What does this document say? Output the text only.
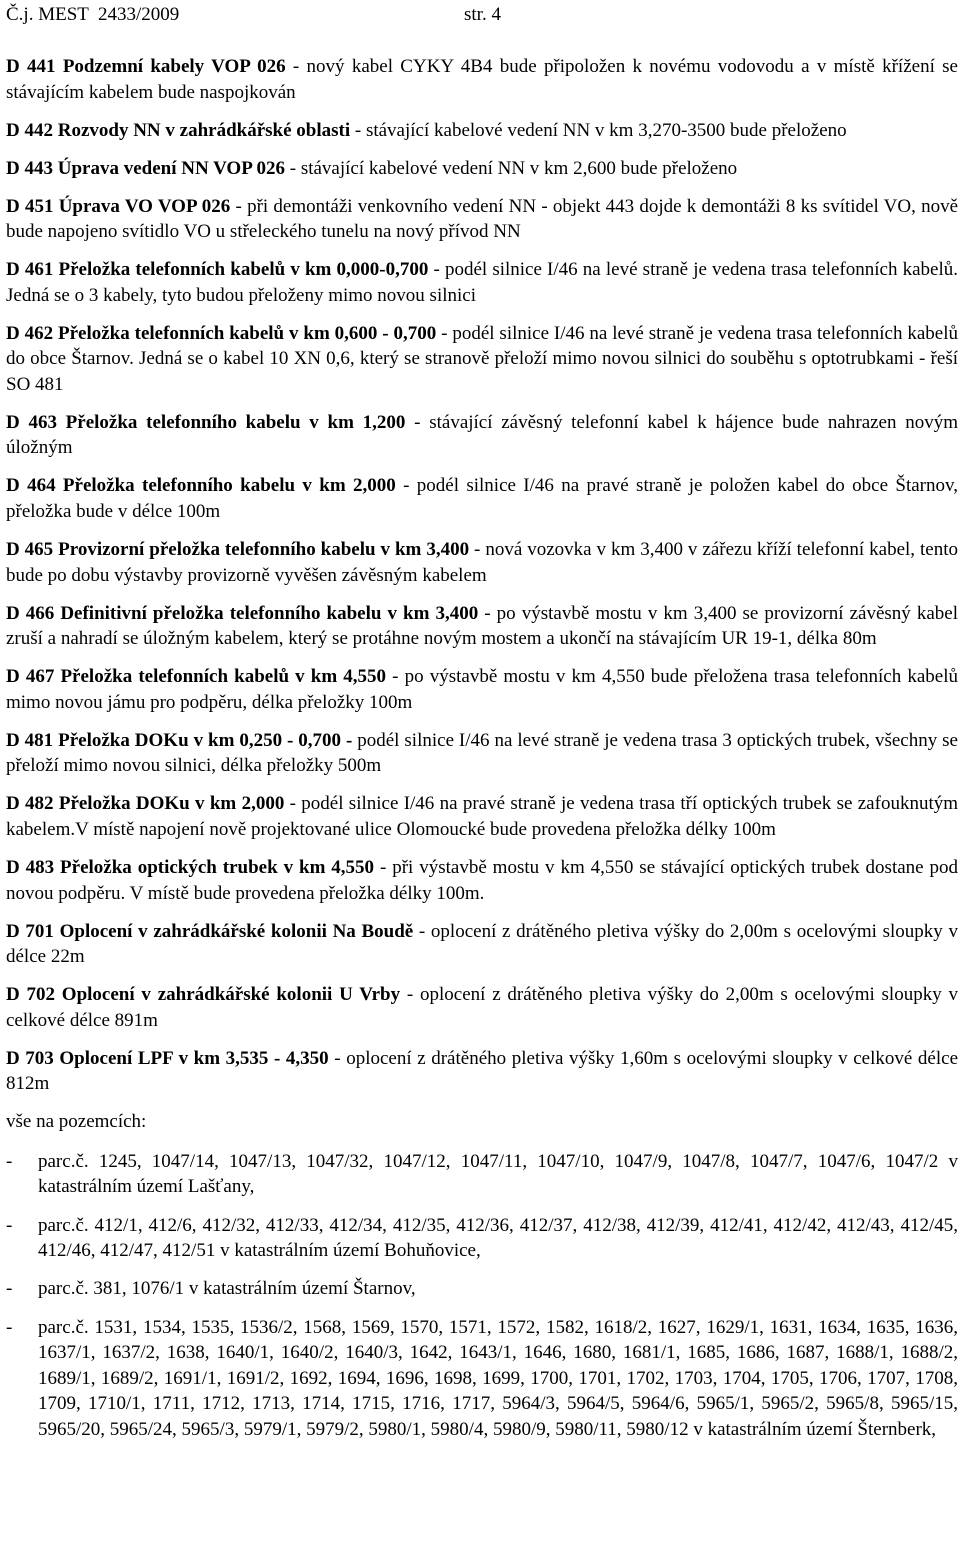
Č.j. MEST  2433/2009	str. 4

D 441 Podzemní kabely VOP 026 - nový kabel CYKY 4B4 bude připoložen k novému vodovodu a v místě křížení se stávajícím kabelem bude naspojkován

D 442 Rozvody NN v zahrádkářské oblasti - stávající kabelové vedení NN v km 3,270-3500 bude přeloženo

D 443 Úprava vedení NN VOP 026 - stávající kabelové vedení NN v km 2,600 bude přeloženo

D 451 Úprava VO VOP 026 - při demontáži venkovního vedení NN - objekt 443 dojde k demontáži 8 ks svítidel VO, nově bude napojeno svítidlo VO u střeleckého tunelu na nový přívod NN

D 461 Přeložka telefonních kabelů v km 0,000-0,700 - podél silnice I/46 na levé straně je vedena trasa telefonních kabelů. Jedná se o 3 kabely, tyto budou přeloženy mimo novou silnici

D 462 Přeložka telefonních kabelů v km 0,600 - 0,700 - podél silnice I/46 na levé straně je vedena trasa telefonních kabelů do obce Štarnov. Jedná se o kabel 10 XN 0,6, který se stranově přeloží mimo novou silnici do souběhu s optotrubkami - řeší SO 481

D 463 Přeložka telefonního kabelu v km 1,200 - stávající závěsný telefonní kabel k hájence bude nahrazen novým úložným

D 464 Přeložka telefonního kabelu v km 2,000 - podél silnice I/46 na pravé straně je položen kabel do obce Štarnov, přeložka bude v délce 100m

D 465 Provizorní přeložka telefonního kabelu v km 3,400 - nová vozovka v km 3,400 v zářezu kříží telefonní kabel, tento bude po dobu výstavby provizorně vyvěšen závěsným kabelem

D 466 Definitivní přeložka telefonního kabelu v km 3,400 - po výstavbě mostu v km 3,400 se provizorní závěsný kabel zruší a nahradí se úložným kabelem, který se protáhne novým mostem a ukončí na stávajícím UR 19-1, délka 80m

D 467 Přeložka telefonních kabelů v km 4,550 - po výstavbě mostu v km 4,550 bude přeložena trasa telefonních kabelů mimo novou jámu pro podpěru, délka přeložky 100m

D 481 Přeložka DOKu v km 0,250 - 0,700 - podél silnice I/46 na levé straně je vedena trasa 3 optických trubek, všechny se přeloží mimo novou silnici, délka přeložky 500m

D 482 Přeložka DOKu v km 2,000 - podél silnice I/46 na pravé straně je vedena trasa tří optických trubek se zafouknutým kabelem.V místě napojení nově projektované ulice Olomoucké bude provedena přeložka délky 100m

D 483 Přeložka optických trubek v km 4,550 - při výstavbě mostu v km 4,550 se stávající optických trubek dostane pod novou podpěru. V místě bude provedena přeložka délky 100m.

D 701 Oplocení v zahrádkářské kolonii Na Boudě - oplocení z drátěného pletiva výšky do 2,00m s ocelovými sloupky v délce 22m

D 702 Oplocení v zahrádkářské kolonii U Vrby - oplocení z drátěného pletiva výšky do 2,00m s ocelovými sloupky v celkové délce 891m

D 703 Oplocení LPF v km 3,535 - 4,350 - oplocení z drátěného pletiva výšky 1,60m s ocelovými sloupky v celkové délce 812m

vše na pozemcích:

- parc.č. 1245, 1047/14, 1047/13, 1047/32, 1047/12, 1047/11, 1047/10, 1047/9, 1047/8, 1047/7, 1047/6, 1047/2 v katastrálním území Lašťany,
- parc.č. 412/1, 412/6, 412/32, 412/33, 412/34, 412/35, 412/36, 412/37, 412/38, 412/39, 412/41, 412/42, 412/43, 412/45, 412/46, 412/47, 412/51 v katastrálním území Bohuňovice,
- parc.č. 381, 1076/1 v katastrálním území Štarnov,
- parc.č. 1531, 1534, 1535, 1536/2, 1568, 1569, 1570, 1571, 1572, 1582, 1618/2, 1627, 1629/1, 1631, 1634, 1635, 1636, 1637/1, 1637/2, 1638, 1640/1, 1640/2, 1640/3, 1642, 1643/1, 1646, 1680, 1681/1, 1685, 1686, 1687, 1688/1, 1688/2, 1689/1, 1689/2, 1691/1, 1691/2, 1692, 1694, 1696, 1698, 1699, 1700, 1701, 1702, 1703, 1704, 1705, 1706, 1707, 1708, 1709, 1710/1, 1711, 1712, 1713, 1714, 1715, 1716, 1717, 5964/3, 5964/5, 5964/6, 5965/1, 5965/2, 5965/8, 5965/15, 5965/20, 5965/24, 5965/3, 5979/1, 5979/2, 5980/1, 5980/4, 5980/9, 5980/11, 5980/12 v katastrálním území Šternberk,
